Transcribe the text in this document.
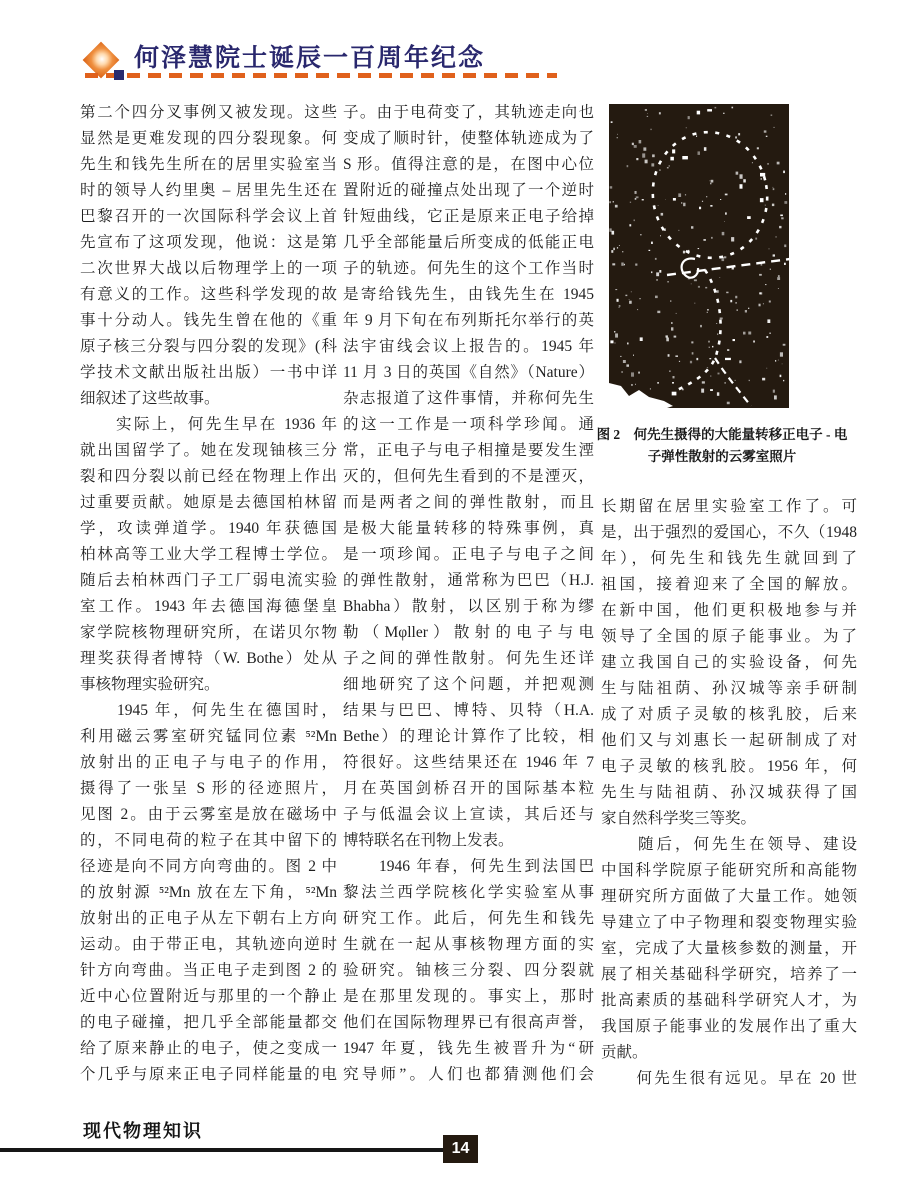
何泽慧院士诞辰一百周年纪念
第二个四分叉事例又被发现。这些
显然是更难发现的四分裂现象。何
先生和钱先生所在的居里实验室当
时的领导人约里奥 – 居里先生还在
巴黎召开的一次国际科学会议上首
先宣布了这项发现，他说：这是第
二次世界大战以后物理学上的一项
有意义的工作。这些科学发现的故
事十分动人。钱先生曾在他的《重
原子核三分裂与四分裂的发现》(科
学技术文献出版社出版）一书中详
细叙述了这些故事。
　　实际上，何先生早在 1936 年
就出国留学了。她在发现铀核三分
裂和四分裂以前已经在物理上作出
过重要贡献。她原是去德国柏林留
学，攻读弹道学。1940 年获德国
柏林高等工业大学工程博士学位。
随后去柏林西门子工厂弱电流实验
室工作。1943 年去德国海德堡皇
家学院核物理研究所，在诺贝尔物
理奖获得者博特（W. Bothe）处从
事核物理实验研究。
　　1945 年，何先生在德国时，
利用磁云雾室研究锰同位素 ⁵²Mn
放射出的正电子与电子的作用，
摄得了一张呈 S 形的径迹照片，
见图 2。由于云雾室是放在磁场中
的，不同电荷的粒子在其中留下的
径迹是向不同方向弯曲的。图 2 中
的放射源 ⁵²Mn 放在左下角，⁵²Mn
放射出的正电子从左下朝右上方向
运动。由于带正电，其轨迹向逆时
针方向弯曲。当正电子走到图 2 的
近中心位置附近与那里的一个静止
的电子碰撞，把几乎全部能量都交
给了原来静止的电子，使之变成一
个几乎与原来正电子同样能量的电
子。由于电荷变了，其轨迹走向也
变成了顺时针，使整体轨迹成为了
S 形。值得注意的是，在图中心位
置附近的碰撞点处出现了一个逆时
针短曲线，它正是原来正电子给掉
几乎全部能量后所变成的低能正电
子的轨迹。何先生的这个工作当时
是寄给钱先生，由钱先生在 1945
年 9 月下旬在布列斯托尔举行的英
法宇宙线会议上报告的。1945 年
11 月 3 日的英国《自然》（Nature）
杂志报道了这件事情，并称何先生
的这一工作是一项科学珍闻。通
常，正电子与电子相撞是要发生湮
灭的，但何先生看到的不是湮灭，
而是两者之间的弹性散射，而且
是极大能量转移的特殊事例，真
是一项珍闻。正电子与电子之间
的弹性散射，通常称为巴巴（H.J.
Bhabha）散射，以区别于称为缪
勒（Mφller）散射的电子与电
子之间的弹性散射。何先生还详
细地研究了这个问题，并把观测
结果与巴巴、博特、贝特（H.A.
Bethe）的理论计算作了比较，相
符很好。这些结果还在 1946 年 7
月在英国剑桥召开的国际基本粒
子与低温会议上宣读，其后还与
博特联名在刊物上发表。
　　1946 年春，何先生到法国巴
黎法兰西学院核化学实验室从事
研究工作。此后，何先生和钱先
生就在一起从事核物理方面的实
验研究。铀核三分裂、四分裂就
是在那里发现的。事实上，那时
他们在国际物理界已有很高声誉，
1947 年夏，钱先生被晋升为“研
究导师”。人们也都猜测他们会
长期留在居里实验室工作了。可
是，出于强烈的爱国心，不久（1948
年），何先生和钱先生就回到了
祖国，接着迎来了全国的解放。
在新中国，他们更积极地参与并
领导了全国的原子能事业。为了
建立我国自己的实验设备，何先
生与陆祖荫、孙汉城等亲手研制
成了对质子灵敏的核乳胶，后来
他们又与刘惠长一起研制成了对
电子灵敏的核乳胶。1956 年，何
先生与陆祖荫、孙汉城获得了国
家自然科学奖三等奖。
　　随后，何先生在领导、建设
中国科学院原子能研究所和高能物
理研究所方面做了大量工作。她领
导建立了中子物理和裂变物理实验
室，完成了大量核参数的测量，开
展了相关基础科学研究，培养了一
批高素质的基础科学研究人才，为
我国原子能事业的发展作出了重大
贡献。
　　何先生很有远见。早在 20 世
图 2　何先生摄得的大能量转移正电子 - 电
子弹性散射的云雾室照片
现代物理知识
14
